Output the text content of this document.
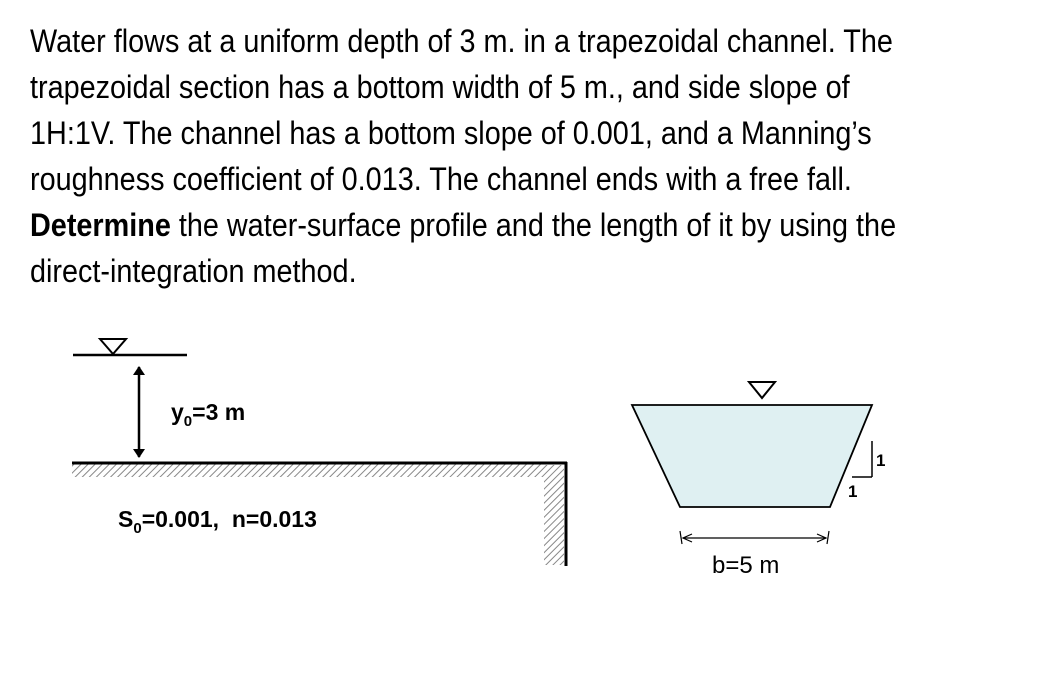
Water flows at a uniform depth of 3 m. in a trapezoidal channel. The
trapezoidal section has a bottom width of 5 m., and side slope of
1H:1V. The channel has a bottom slope of 0.001, and a Manning’s
roughness coefficient of 0.013. The channel ends with a free fall.
Determine the water-surface profile and the length of it by using the
direct-integration method.
$y_0=3$ m
$S_0=0.001$,  n=0.013
1
1
b=5 m
